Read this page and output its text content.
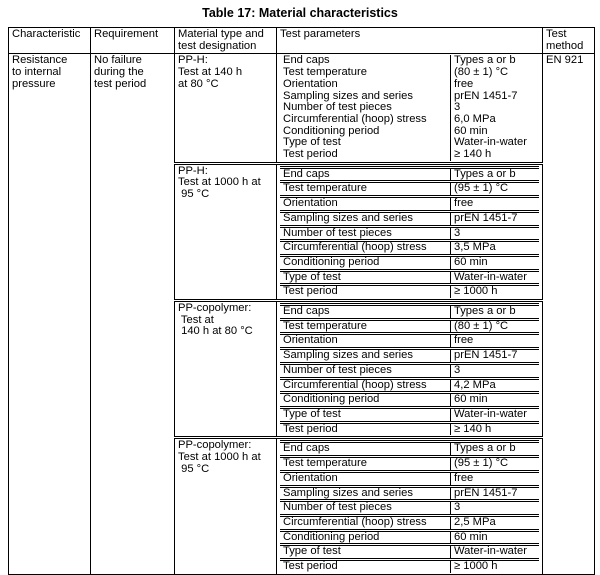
Table 17: Material characteristics
Characteristic	Requirement	Material type and
test designation
	Test parameters	Test
method

Resistance
to internal
pressure

No failure
during the
test period

PP-H:
Test at 140 h
at 80 °C

End caps	Types a or b
Test temperature	(80 ± 1) °C
Orientation	free
Sampling sizes and series	prEN 1451-7
Number of test pieces	3
Circumferential (hoop) stress	6,0 MPa
Conditioning period	60 min
Type of test	Water-in-water
Test period	≥ 140 h
	EN 921

PP-H:
Test at 1000 h at
95 °C

End caps	Types a or b
Test temperature	(95 ± 1) °C
Orientation	free
Sampling sizes and series	prEN 1451-7
Number of test pieces	3
Circumferential (hoop) stress	3,5 MPa
Conditioning period	60 min
Type of test	Water-in-water
Test period	≥ 1000 h

PP-copolymer:
Test at
140 h at 80 °C

End caps	Types a or b
Test temperature	(80 ± 1) °C
Orientation	free
Sampling sizes and series	prEN 1451-7
Number of test pieces	3
Circumferential (hoop) stress	4,2 MPa
Conditioning period	60 min
Type of test	Water-in-water
Test period	≥ 140 h

PP-copolymer:
Test at 1000 h at
95 °C

End caps	Types a or b
Test temperature	(95 ± 1) °C
Orientation	free
Sampling sizes and series	prEN 1451-7
Number of test pieces	3
Circumferential (hoop) stress	2,5 MPa
Conditioning period	60 min
Type of test	Water-in-water
Test period	≥ 1000 h
